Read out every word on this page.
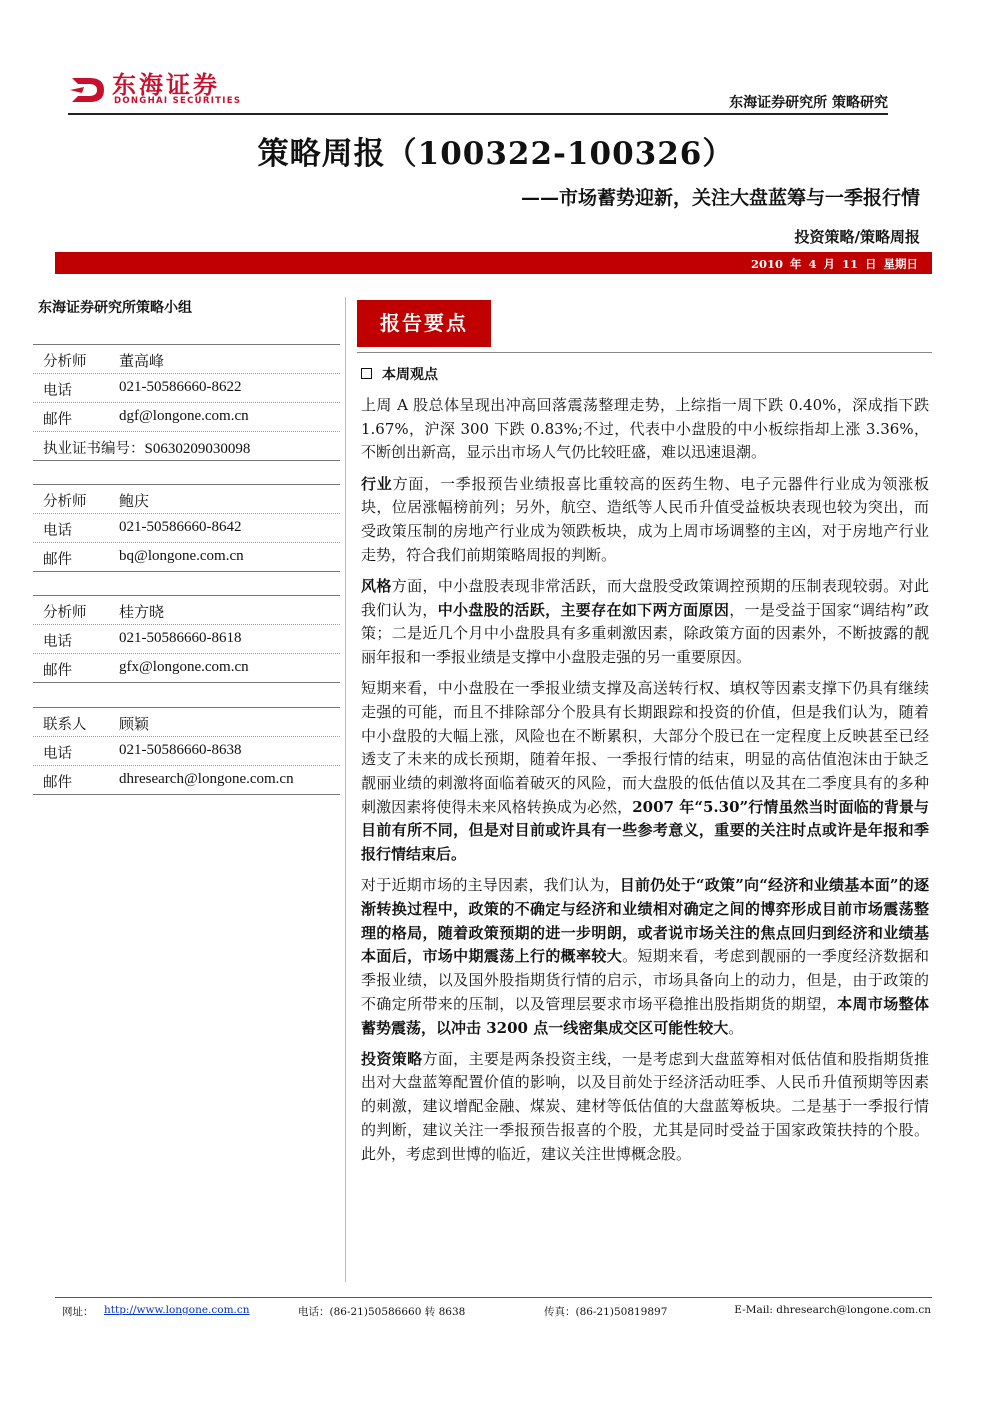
东海证券
DONGHAI SECURITIES	东海证券研究所 策略研究
策略周报（100322-100326）
——市场蓄势迎新，关注大盘蓝筹与一季报行情
投资策略/策略周报
2010 年 4 月 11 日 星期日
东海证券研究所策略小组
分析师 董高峰
电话	021-50586660-8622
邮件	dgf@longone.com.cn
执业证书编号：S0630209030098
分析师 鲍庆
电话	021-50586660-8642
邮件	bq@longone.com.cn
分析师 桂方晓
电话	021-50586660-8618
邮件	gfx@longone.com.cn
联系人 顾颖
电话	021-50586660-8638
邮件	dhresearch@longone.com.cn
报告要点
本周观点

上周 A 股总体呈现出冲高回落震荡整理走势，上综指一周下跌 0.40%，深成指下跌 1.67%，沪深 300 下跌 0.83%;不过，代表中小盘股的中小板综指却上涨 3.36%，不断创出新高，显示出市场人气仍比较旺盛，难以迅速退潮。

行业方面，一季报预告业绩报喜比重较高的医药生物、电子元器件行业成为领涨板块，位居涨幅榜前列；另外，航空、造纸等人民币升值受益板块表现也较为突出，而受政策压制的房地产行业成为领跌板块，成为上周市场调整的主凶，对于房地产行业走势，符合我们前期策略周报的判断。

风格方面，中小盘股表现非常活跃，而大盘股受政策调控预期的压制表现较弱。对此我们认为，中小盘股的活跃，主要存在如下两方面原因，一是受益于国家“调结构”政策；二是近几个月中小盘股具有多重刺激因素，除政策方面的因素外，不断披露的靓丽年报和一季报业绩是支撑中小盘股走强的另一重要原因。

短期来看，中小盘股在一季报业绩支撑及高送转行权、填权等因素支撑下仍具有继续走强的可能，而且不排除部分个股具有长期跟踪和投资的价值，但是我们认为，随着中小盘股的大幅上涨，风险也在不断累积，大部分个股已在一定程度上反映甚至已经透支了未来的成长预期，随着年报、一季报行情的结束，明显的高估值泡沫由于缺乏靓丽业绩的刺激将面临着破灭的风险，而大盘股的低估值以及其在二季度具有的多种刺激因素将使得未来风格转换成为必然，2007 年“5.30”行情虽然当时面临的背景与目前有所不同，但是对目前或许具有一些参考意义，重要的关注时点或许是年报和季报行情结束后。

对于近期市场的主导因素，我们认为，目前仍处于“政策”向“经济和业绩基本面”的逐渐转换过程中，政策的不确定与经济和业绩相对确定之间的博弈形成目前市场震荡整理的格局，随着政策预期的进一步明朗，或者说市场关注的焦点回归到经济和业绩基本面后，市场中期震荡上行的概率较大。短期来看，考虑到靓丽的一季度经济数据和季报业绩，以及国外股指期货行情的启示，市场具备向上的动力，但是，由于政策的不确定所带来的压制，以及管理层要求市场平稳推出股指期货的期望，本周市场整体蓄势震荡，以冲击 3200 点一线密集成交区可能性较大。

投资策略方面，主要是两条投资主线，一是考虑到大盘蓝筹相对低估值和股指期货推出对大盘蓝筹配置价值的影响，以及目前处于经济活动旺季、人民币升值预期等因素的刺激，建议增配金融、煤炭、建材等低估值的大盘蓝筹板块。二是基于一季报行情的判断，建议关注一季报预告报喜的个股，尤其是同时受益于国家政策扶持的个股。此外，考虑到世博的临近，建议关注世博概念股。

网址： http://www.longone.com.cn	电话：(86-21)50586660 转 8638	传真：(86-21)50819897	E-Mail: dhresearch@longone.com.cn
